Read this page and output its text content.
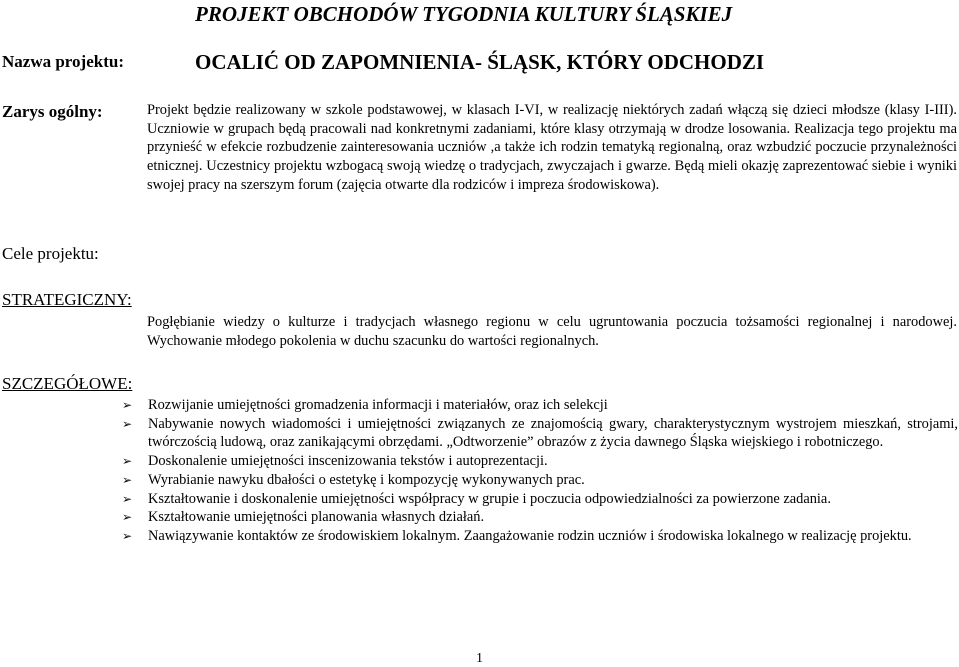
PROJEKT OBCHODÓW TYGODNIA KULTURY ŚLĄSKIEJ
Nazwa projektu:	OCALIĆ OD ZAPOMNIENIA- ŚLĄSK, KTÓRY ODCHODZI
Zarys ogólny:	Projekt będzie realizowany w szkole podstawowej, w klasach I-VI, w realizację niektórych zadań włączą się dzieci młodsze (klasy I-III). Uczniowie w grupach będą pracowali nad konkretnymi zadaniami, które klasy otrzymają w drodze losowania. Realizacja tego projektu ma przynieść w efekcie rozbudzenie zainteresowania uczniów ,a także ich rodzin tematyką regionalną, oraz wzbudzić poczucie przynależności etnicznej. Uczestnicy projektu wzbogacą swoją wiedzę o tradycjach, zwyczajach i gwarze. Będą mieli okazję zaprezentować siebie i wyniki swojej pracy na szerszym forum (zajęcia otwarte dla rodziców i impreza środowiskowa).
Cele projektu:
STRATEGICZNY:
Pogłębianie wiedzy o kulturze i tradycjach własnego regionu w celu ugruntowania poczucia tożsamości regionalnej i narodowej. Wychowanie młodego pokolenia w duchu szacunku do wartości regionalnych.
SZCZEGÓŁOWE:
➢ Rozwijanie umiejętności gromadzenia informacji i materiałów, oraz ich selekcji
➢ Nabywanie nowych wiadomości i umiejętności związanych ze znajomością gwary, charakterystycznym wystrojem mieszkań, strojami, twórczością ludową, oraz zanikającymi obrzędami. „Odtworzenie” obrazów z życia dawnego Śląska wiejskiego i robotniczego.
➢ Doskonalenie umiejętności inscenizowania tekstów i autoprezentacji.
➢ Wyrabianie nawyku dbałości o estetykę i kompozycję wykonywanych prac.
➢ Kształtowanie i doskonalenie umiejętności współpracy w grupie i poczucia odpowiedzialności za powierzone zadania.
➢ Kształtowanie umiejętności planowania własnych działań.
➢ Nawiązywanie kontaktów ze środowiskiem lokalnym. Zaangażowanie rodzin uczniów i środowiska lokalnego w realizację projektu.
1
